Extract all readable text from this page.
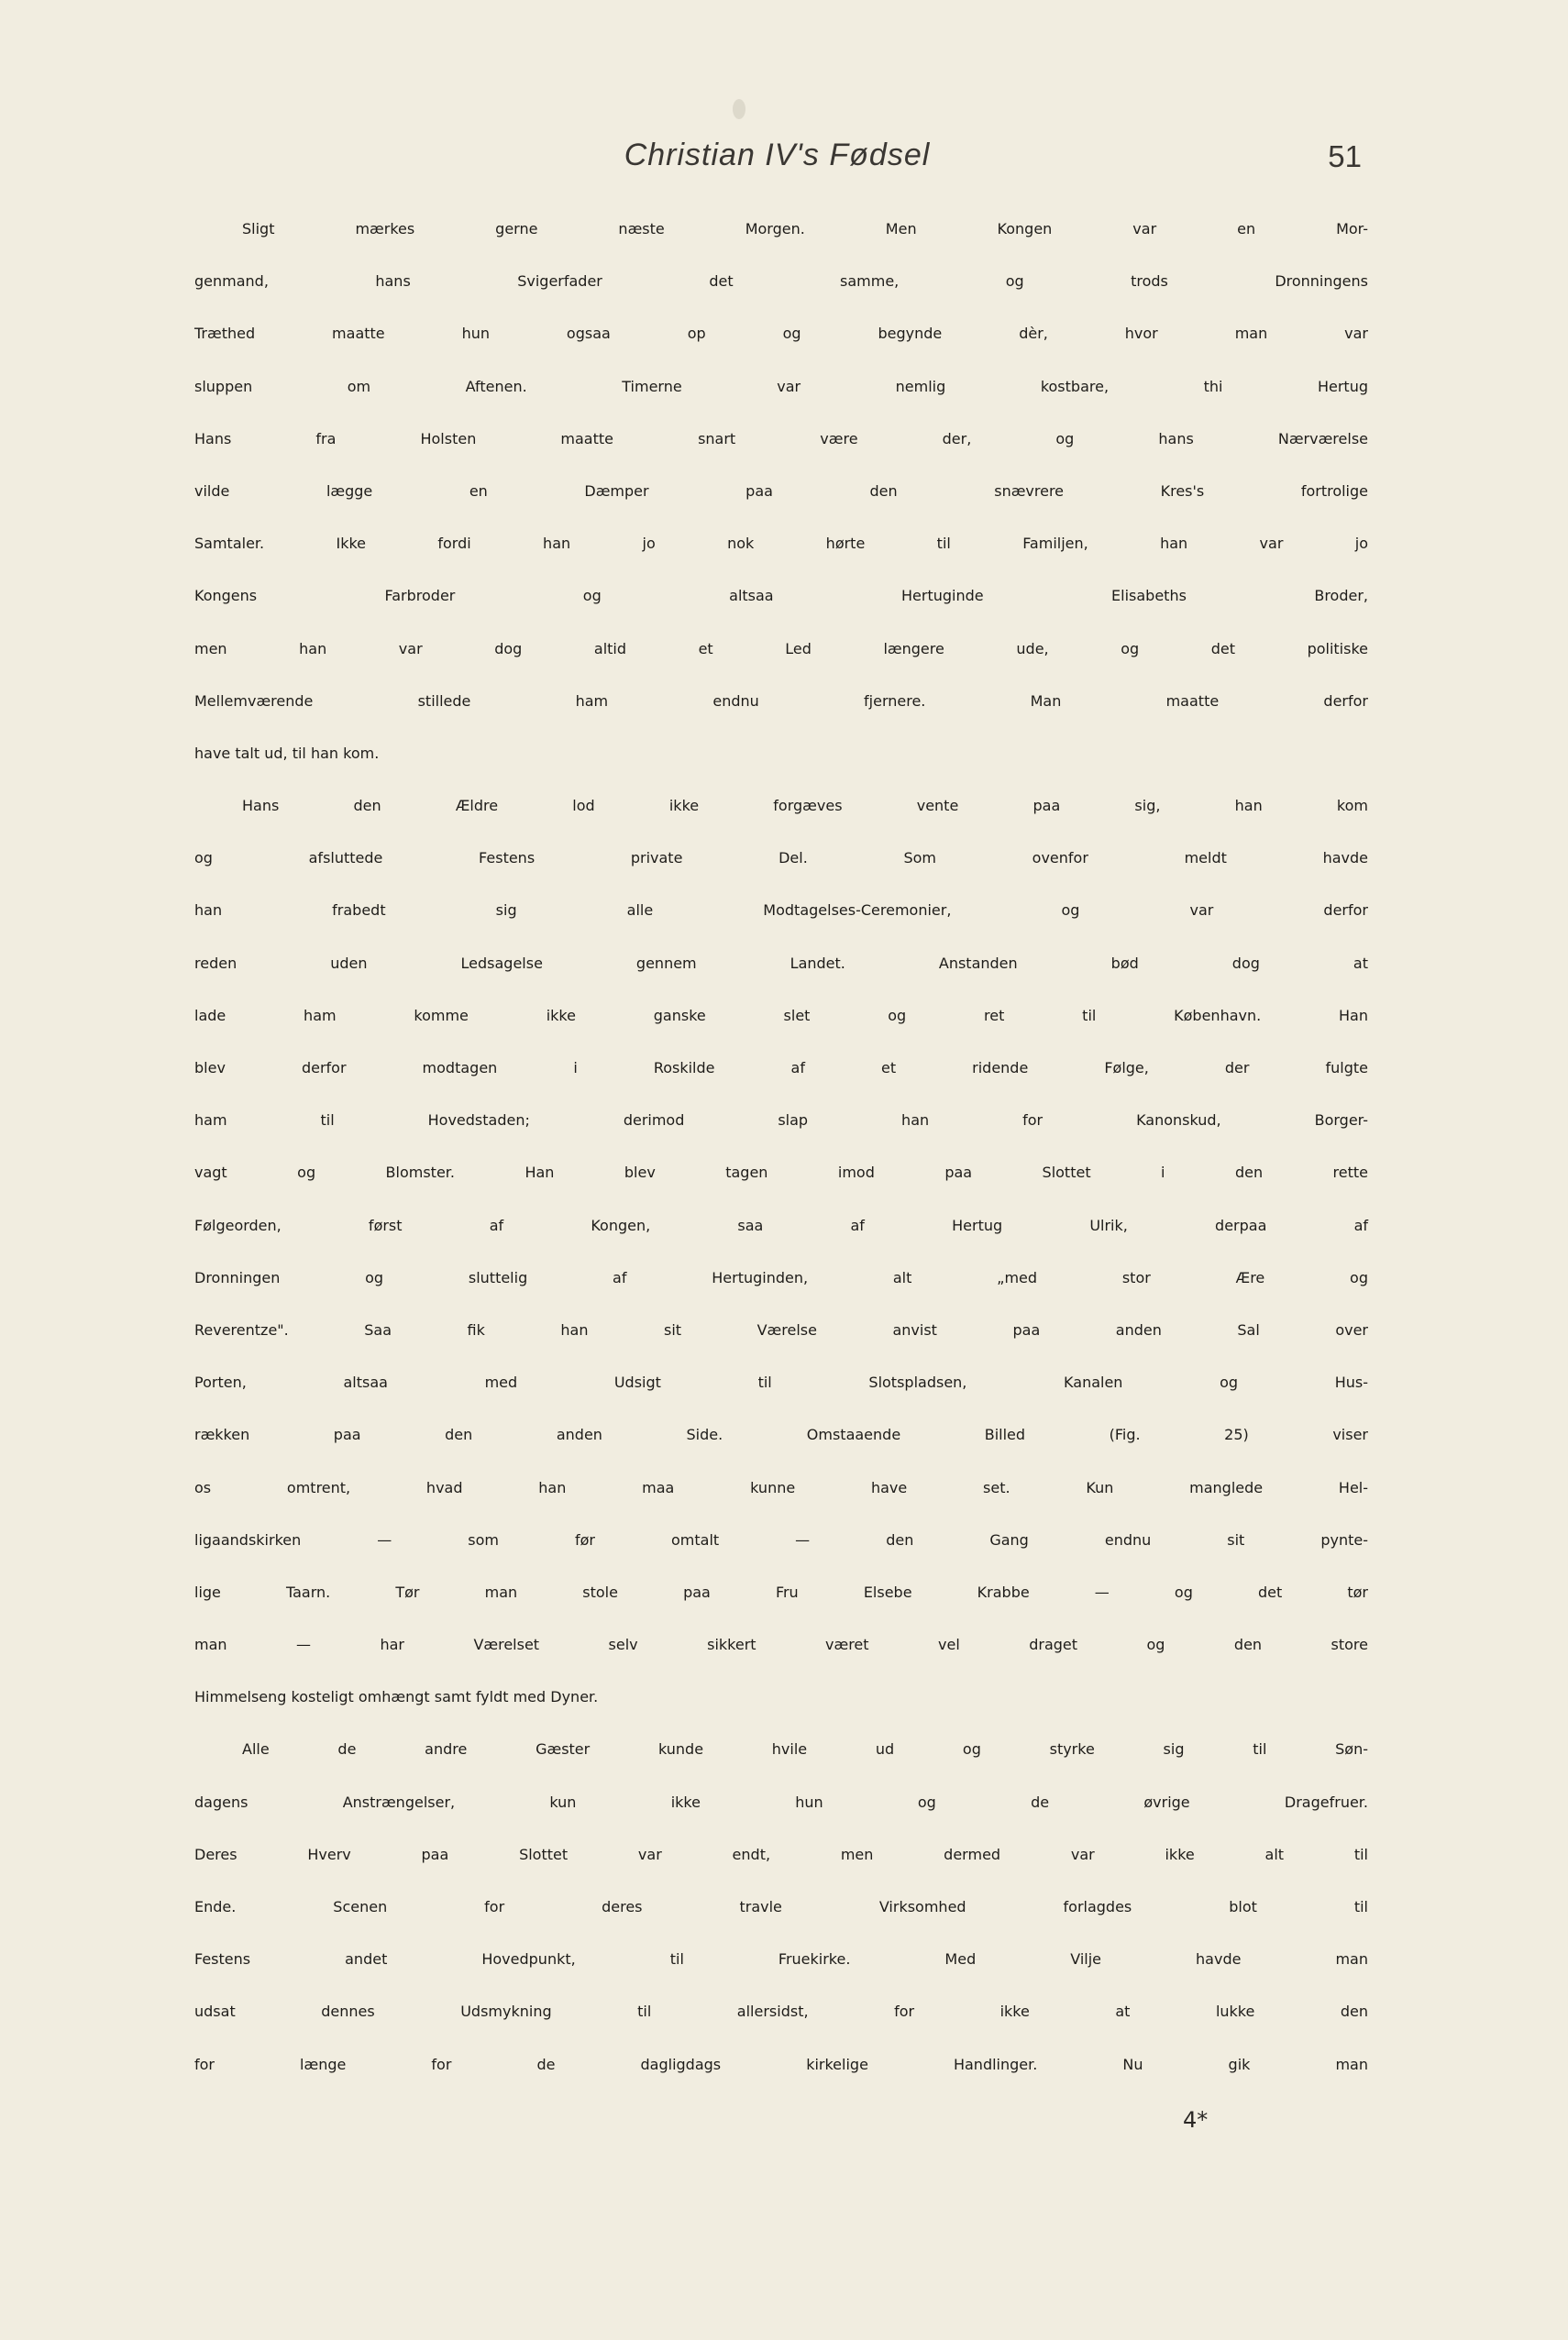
Christian IV's Fødsel	51
Sligt mærkes gerne næste Morgen. Men Kongen var en Mor-
genmand, hans Svigerfader det samme, og trods Dronningens
Træthed maatte hun ogsaa op og begynde dèr, hvor man var
sluppen om Aftenen. Timerne var nemlig kostbare, thi Hertug
Hans fra Holsten maatte snart være der, og hans Nærværelse
vilde lægge en Dæmper paa den snævrere Kres's fortrolige
Samtaler. Ikke fordi han jo nok hørte til Familjen, han var jo
Kongens Farbroder og altsaa Hertuginde Elisabeths Broder,
men han var dog altid et Led længere ude, og det politiske
Mellemværende stillede ham endnu fjernere. Man maatte derfor
have talt ud, til han kom.
Hans den Ældre lod ikke forgæves vente paa sig, han kom
og afsluttede Festens private Del. Som ovenfor meldt havde
han frabedt sig alle Modtagelses-Ceremonier, og var derfor
reden uden Ledsagelse gennem Landet. Anstanden bød dog at
lade ham komme ikke ganske slet og ret til København. Han
blev derfor modtagen i Roskilde af et ridende Følge, der fulgte
ham til Hovedstaden; derimod slap han for Kanonskud, Borger-
vagt og Blomster. Han blev tagen imod paa Slottet i den rette
Følgeorden, først af Kongen, saa af Hertug Ulrik, derpaa af
Dronningen og sluttelig af Hertuginden, alt „med stor Ære og
Reverentze". Saa fik han sit Værelse anvist paa anden Sal over
Porten, altsaa med Udsigt til Slotspladsen, Kanalen og Hus-
rækken paa den anden Side. Omstaaende Billed (Fig. 25) viser
os omtrent, hvad han maa kunne have set. Kun manglede Hel-
ligaandskirken — som før omtalt — den Gang endnu sit pynte-
lige Taarn. Tør man stole paa Fru Elsebe Krabbe — og det tør
man — har Værelset selv sikkert været vel draget og den store
Himmelseng kosteligt omhængt samt fyldt med Dyner.
Alle de andre Gæster kunde hvile ud og styrke sig til Søn-
dagens Anstrængelser, kun ikke hun og de øvrige Dragefruer.
Deres Hverv paa Slottet var endt, men dermed var ikke alt til
Ende. Scenen for deres travle Virksomhed forlagdes blot til
Festens andet Hovedpunkt, til Fruekirke. Med Vilje havde man
udsat dennes Udsmykning til allersidst, for ikke at lukke den
for længe for de dagligdags kirkelige Handlinger. Nu gik man
4*
